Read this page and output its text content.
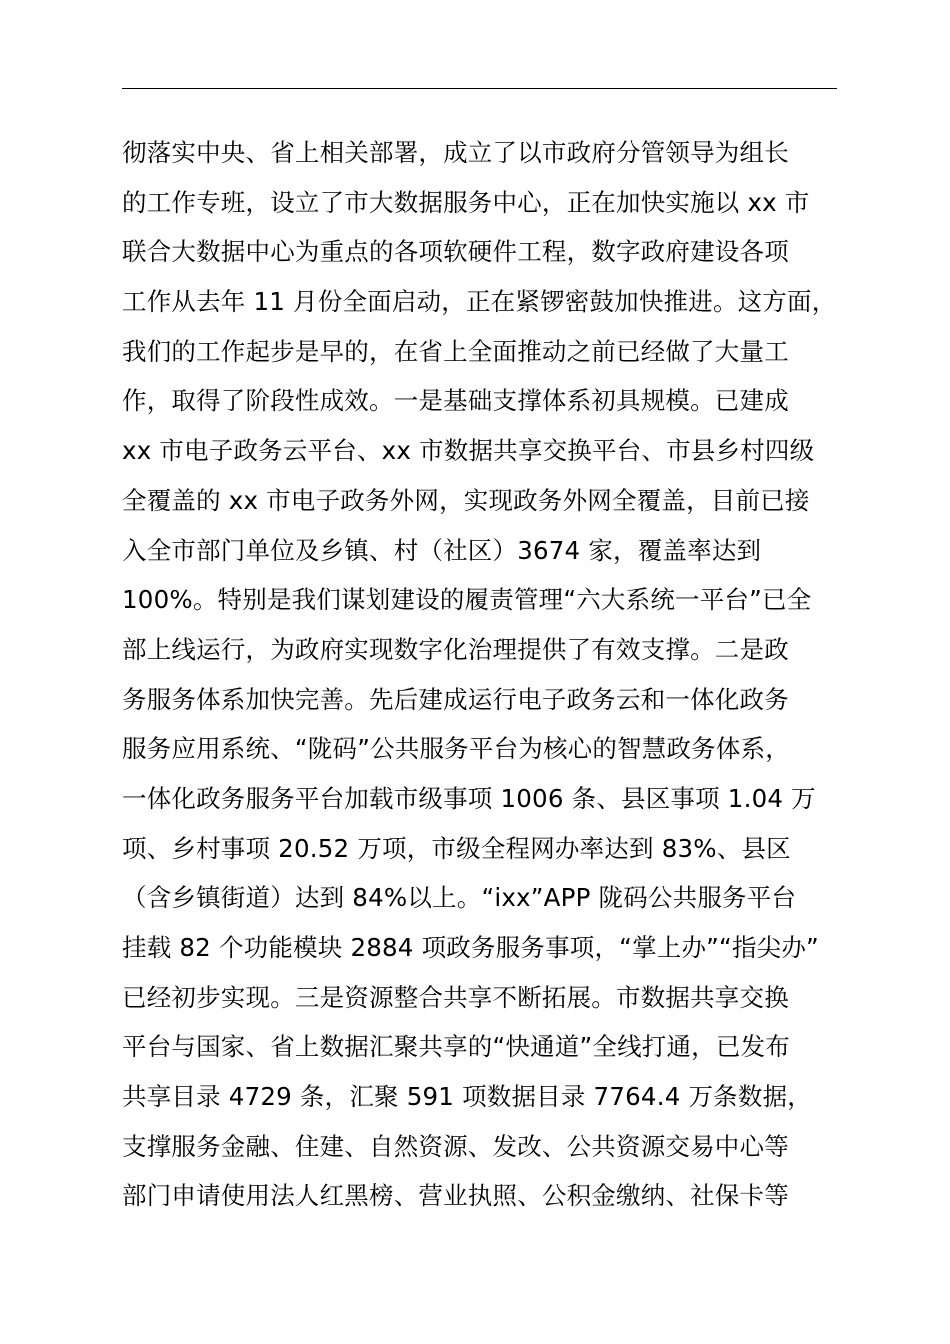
彻落实中央、省上相关部署，成立了以市政府分管领导为组长
的工作专班，设立了市大数据服务中心，正在加快实施以 xx 市
联合大数据中心为重点的各项软硬件工程，数字政府建设各项
工作从去年 11 月份全面启动，正在紧锣密鼓加快推进。这方面，
我们的工作起步是早的，在省上全面推动之前已经做了大量工
作，取得了阶段性成效。一是基础支撑体系初具规模。已建成
xx 市电子政务云平台、xx 市数据共享交换平台、市县乡村四级
全覆盖的 xx 市电子政务外网，实现政务外网全覆盖，目前已接
入全市部门单位及乡镇、村（社区）3674 家，覆盖率达到
100%。特别是我们谋划建设的履责管理“六大系统一平台”已全
部上线运行，为政府实现数字化治理提供了有效支撑。二是政
务服务体系加快完善。先后建成运行电子政务云和一体化政务
服务应用系统、“陇码”公共服务平台为核心的智慧政务体系，
一体化政务服务平台加载市级事项 1006 条、县区事项 1.04 万
项、乡村事项 20.52 万项，市级全程网办率达到 83%、县区
（含乡镇街道）达到 84%以上。“ixx”APP 陇码公共服务平台
挂载 82 个功能模块 2884 项政务服务事项，“掌上办”“指尖办”
已经初步实现。三是资源整合共享不断拓展。市数据共享交换
平台与国家、省上数据汇聚共享的“快通道”全线打通，已发布
共享目录 4729 条，汇聚 591 项数据目录 7764.4 万条数据，
支撑服务金融、住建、自然资源、发改、公共资源交易中心等
部门申请使用法人红黑榜、营业执照、公积金缴纳、社保卡等
